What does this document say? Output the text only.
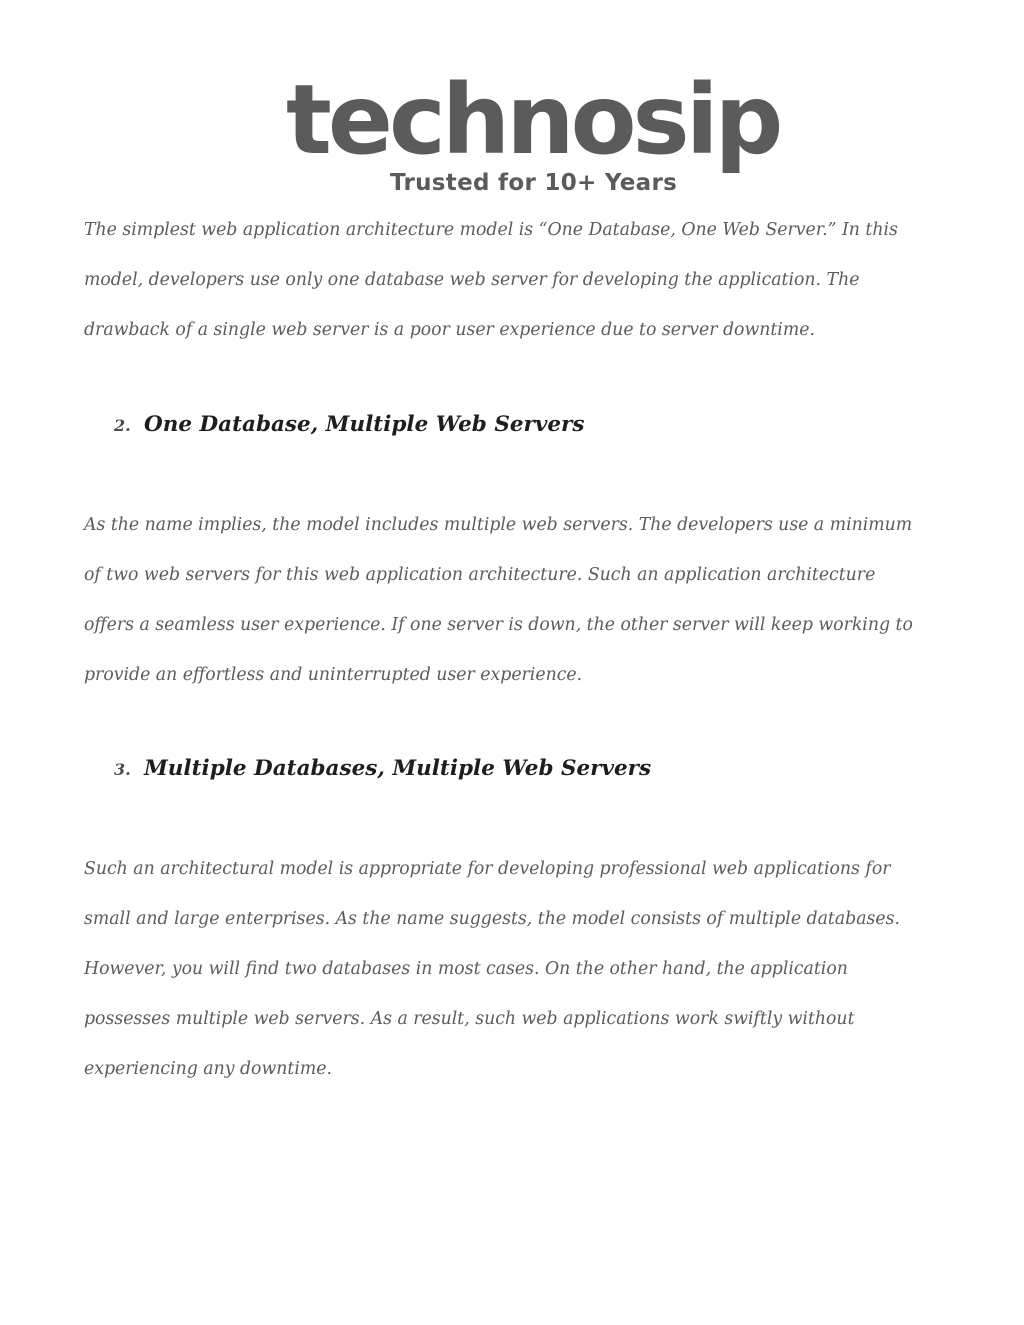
technosip
Trusted for 10+ Years

The simplest web application architecture model is “One Database, One Web Server.” In this
model, developers use only one database web server for developing the application. The
drawback of a single web server is a poor user experience due to server downtime.

2. One Database, Multiple Web Servers

As the name implies, the model includes multiple web servers. The developers use a minimum
of two web servers for this web application architecture. Such an application architecture
offers a seamless user experience. If one server is down, the other server will keep working to
provide an effortless and uninterrupted user experience.

3. Multiple Databases, Multiple Web Servers

Such an architectural model is appropriate for developing professional web applications for
small and large enterprises. As the name suggests, the model consists of multiple databases.
However, you will find two databases in most cases. On the other hand, the application
possesses multiple web servers. As a result, such web applications work swiftly without
experiencing any downtime.
